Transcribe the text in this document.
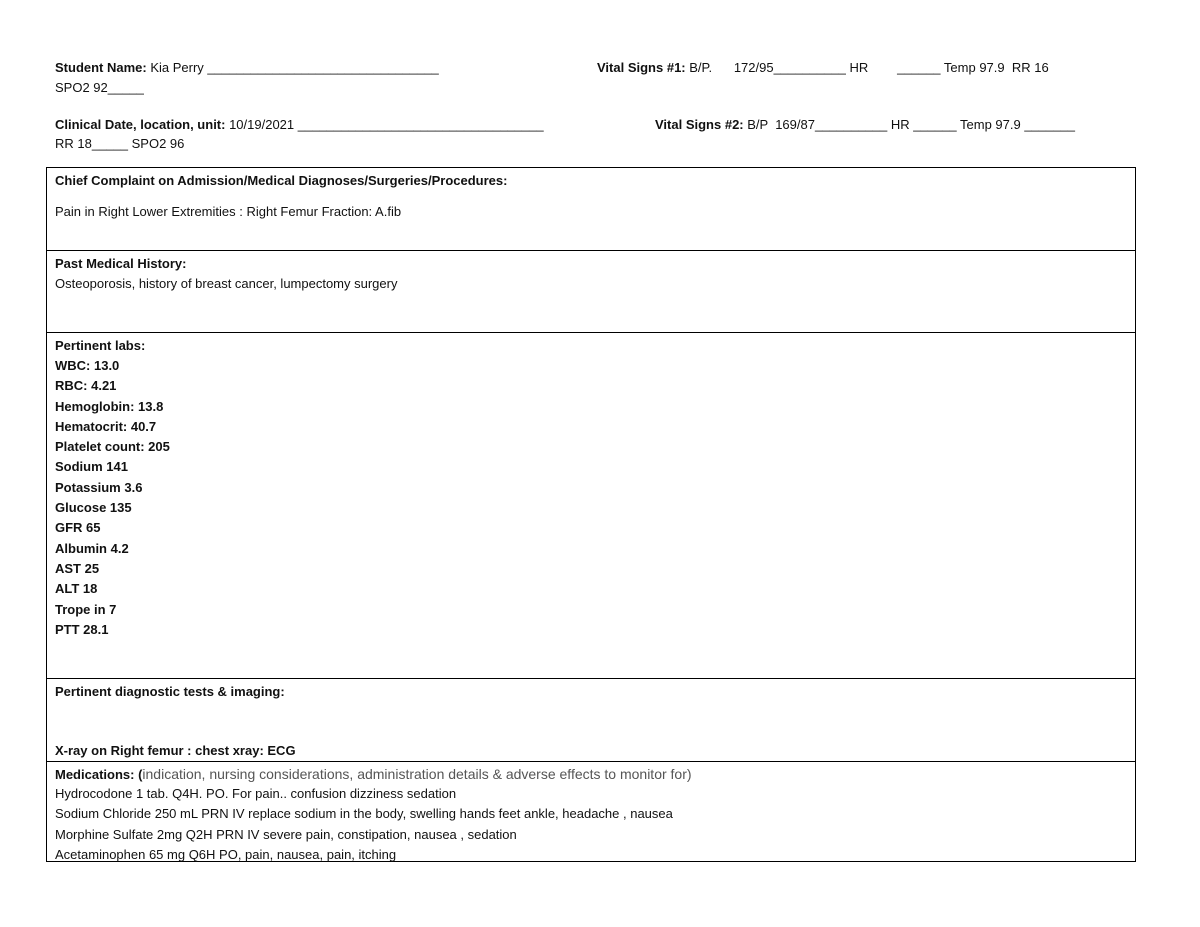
Student Name: Kia Perry ________________________________	Vital Signs #1: B/P.      172/95__________ HR        ______ Temp 97.9  RR 16
SPO2 92_____
Clinical Date, location, unit: 10/19/2021 __________________________________	Vital Signs #2: B/P  169/87__________ HR ______ Temp 97.9 _______
RR 18_____ SPO2 96
Chief Complaint on Admission/Medical Diagnoses/Surgeries/Procedures:
Pain in Right Lower Extremities : Right Femur Fraction: A.fib
Past Medical History:
Osteoporosis, history of breast cancer, lumpectomy surgery
Pertinent labs:
WBC: 13.0
RBC: 4.21
Hemoglobin: 13.8
Hematocrit: 40.7
Platelet count: 205
Sodium 141
Potassium 3.6
Glucose 135
GFR 65
Albumin 4.2
AST 25
ALT 18
Trope in 7
PTT 28.1
Pertinent diagnostic tests & imaging:
X-ray on Right femur : chest xray: ECG
Medications: (indication, nursing considerations, administration details & adverse effects to monitor for)
Hydrocodone 1 tab. Q4H. PO. For pain.. confusion dizziness sedation
Sodium Chloride 250 mL PRN IV replace sodium in the body, swelling hands feet ankle, headache , nausea
Morphine Sulfate 2mg Q2H PRN IV severe pain, constipation, nausea , sedation
Acetaminophen 65 mg Q6H PO, pain, nausea, pain, itching
